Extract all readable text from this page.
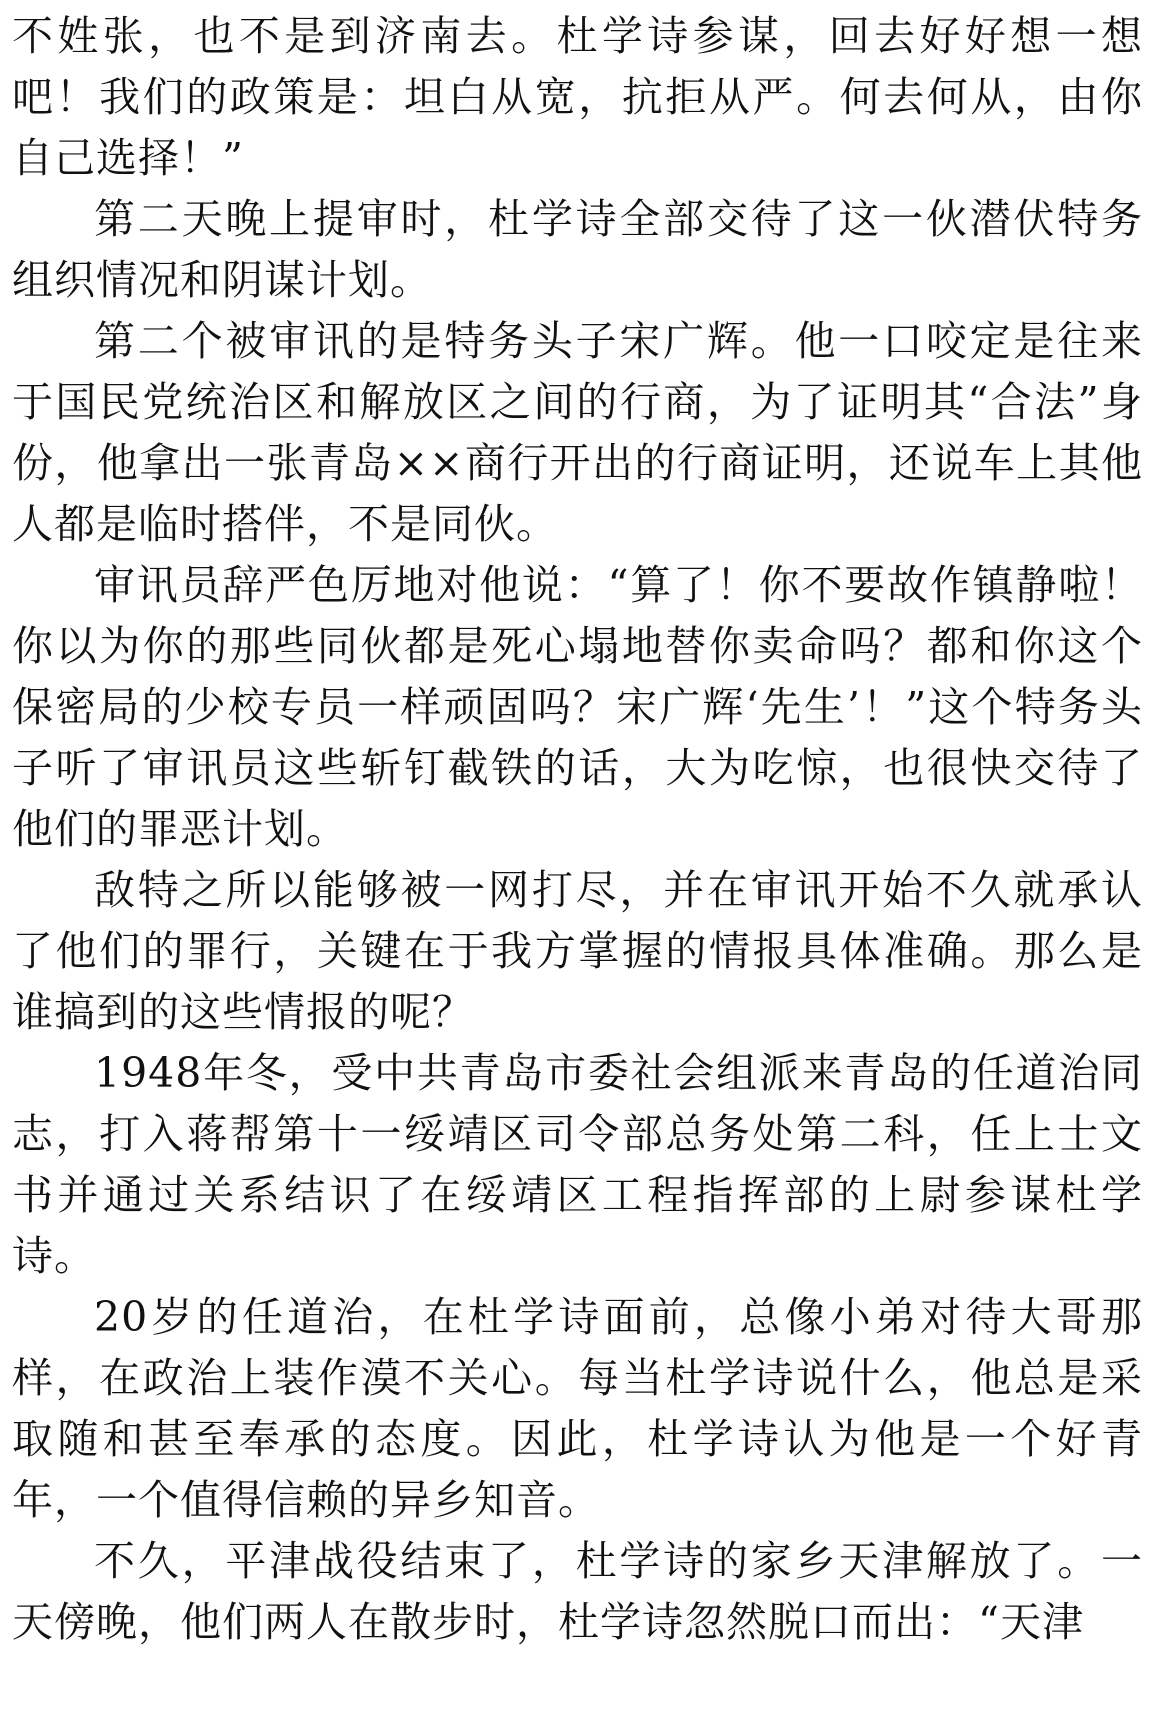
不姓张，也不是到济南去。杜学诗参谋，回去好好想一想吧！我们的政策是：坦白从宽，抗拒从严。何去何从，由你自己选择！”

第二天晚上提审时，杜学诗全部交待了这一伙潜伏特务组织情况和阴谋计划。

第二个被审讯的是特务头子宋广辉。他一口咬定是往来于国民党统治区和解放区之间的行商，为了证明其“合法”身份，他拿出一张青岛××商行开出的行商证明，还说车上其他人都是临时搭伴，不是同伙。

审讯员辞严色厉地对他说：“算了！你不要故作镇静啦！你以为你的那些同伙都是死心塌地替你卖命吗？都和你这个保密局的少校专员一样顽固吗？宋广辉‘先生’！”这个特务头子听了审讯员这些斩钉截铁的话，大为吃惊，也很快交待了他们的罪恶计划。

敌特之所以能够被一网打尽，并在审讯开始不久就承认了他们的罪行，关键在于我方掌握的情报具体准确。那么是谁搞到的这些情报的呢？

1948年冬，受中共青岛市委社会组派来青岛的任道治同志，打入蒋帮第十一绥靖区司令部总务处第二科，任上士文书并通过关系结识了在绥靖区工程指挥部的上尉参谋杜学诗。

20岁的任道治，在杜学诗面前，总像小弟对待大哥那样，在政治上装作漠不关心。每当杜学诗说什么，他总是采取随和甚至奉承的态度。因此，杜学诗认为他是一个好青年，一个值得信赖的异乡知音。

不久，平津战役结束了，杜学诗的家乡天津解放了。一天傍晚，他们两人在散步时，杜学诗忽然脱口而出：“天津
